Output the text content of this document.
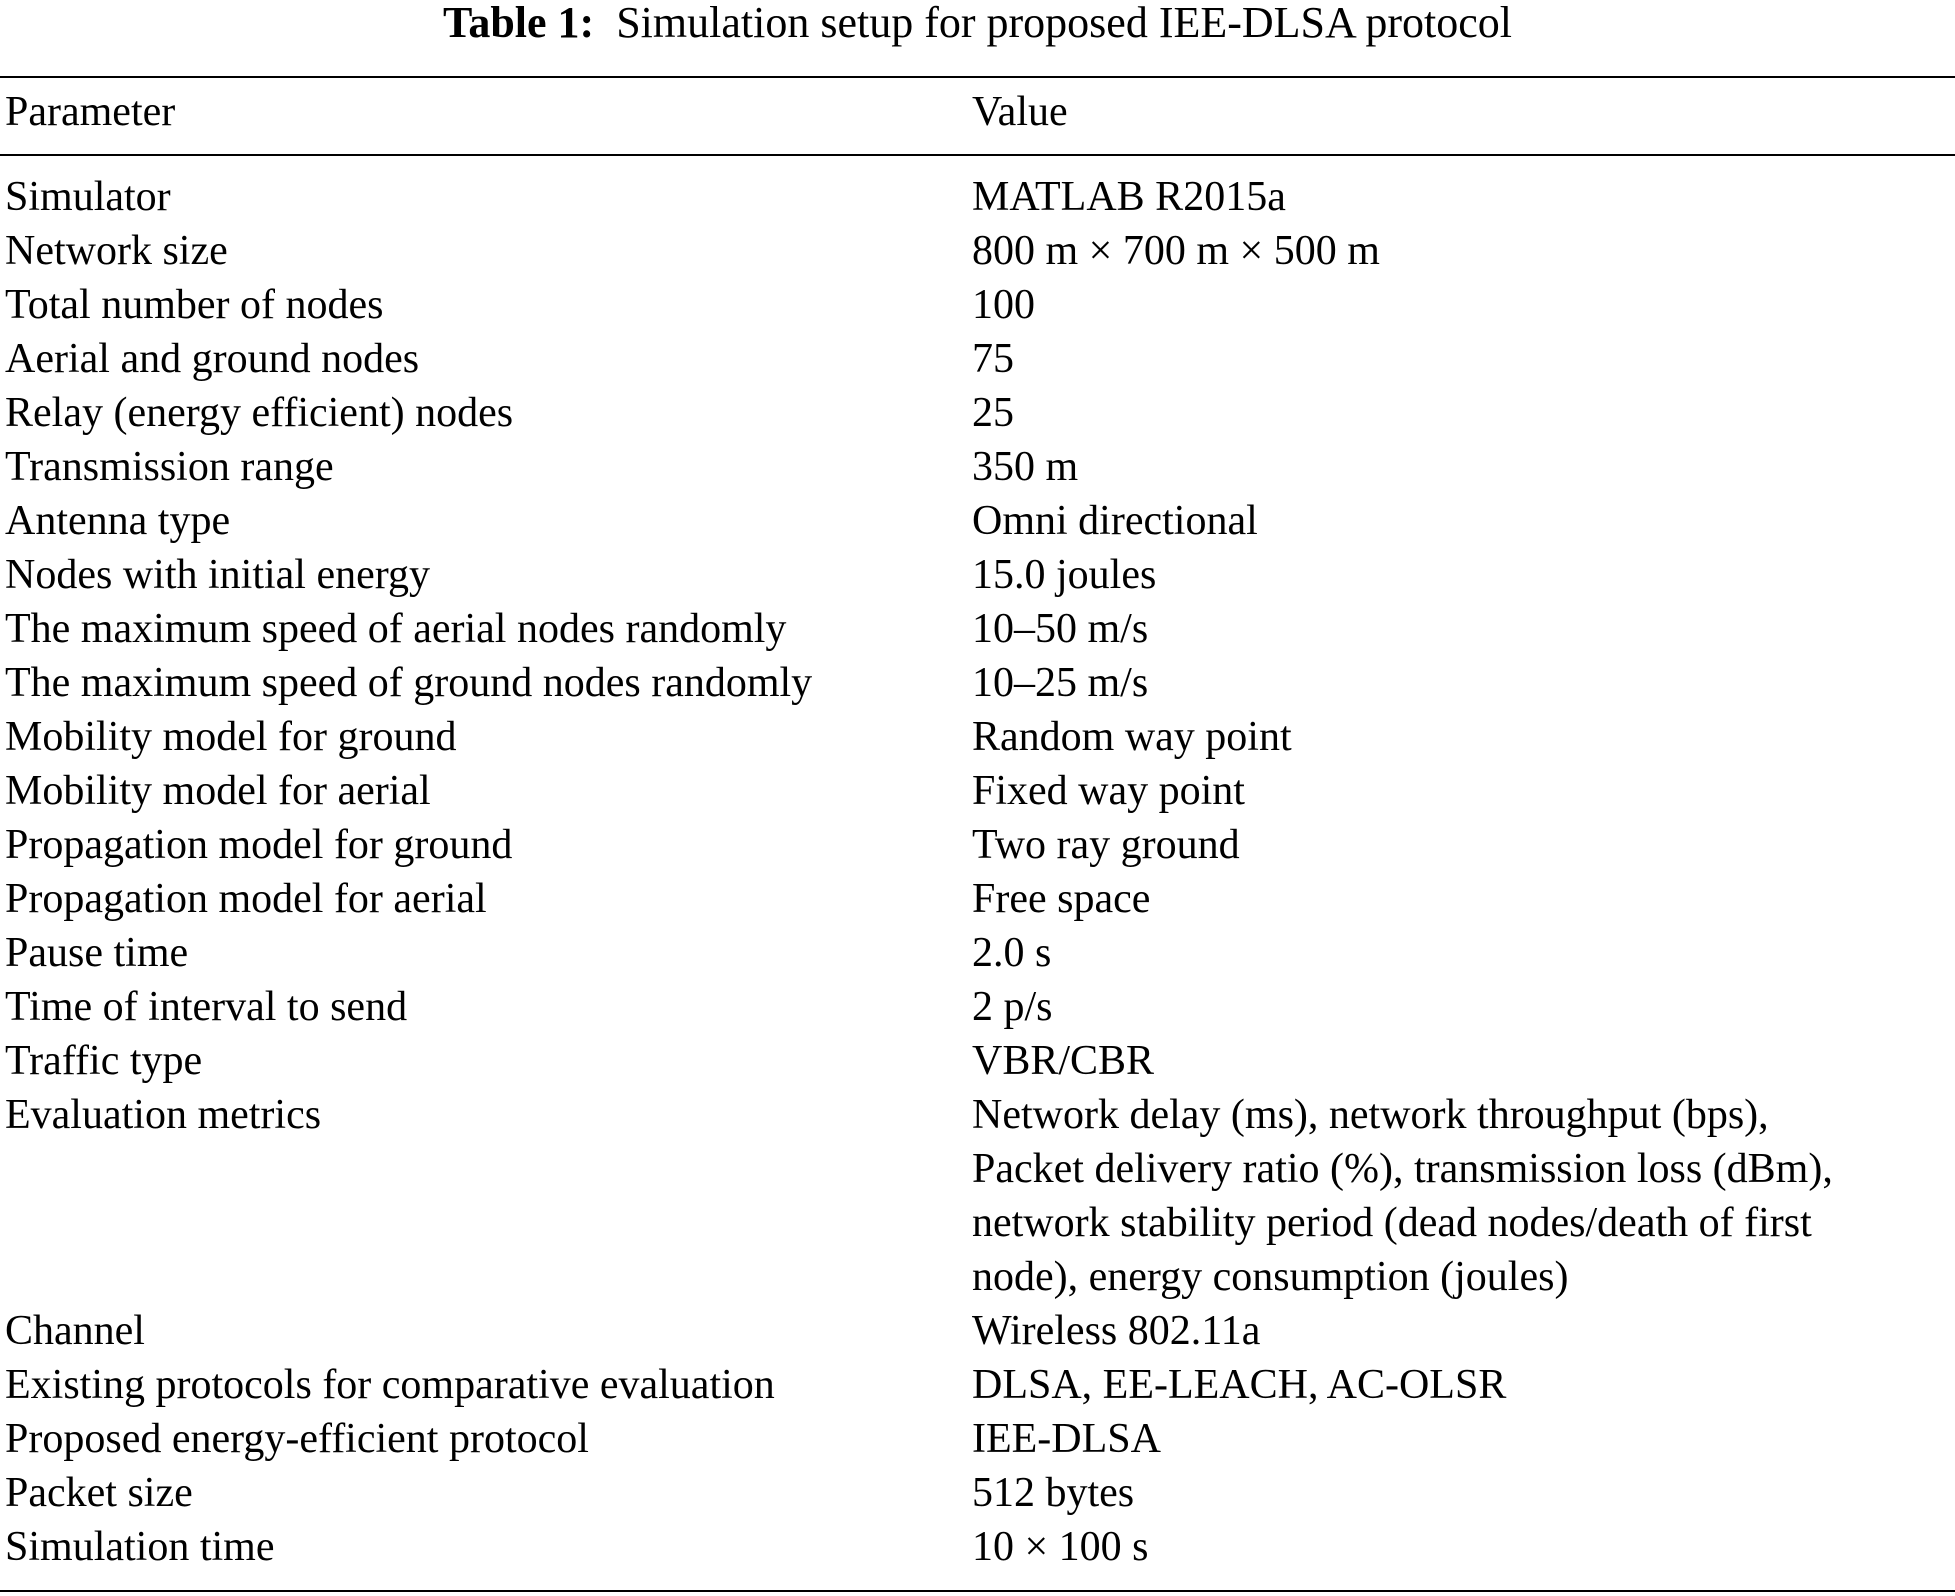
Table 1: Simulation setup for proposed IEE-DLSA protocol
Parameter	Value
Simulator	MATLAB R2015a
Network size	800 m × 700 m × 500 m
Total number of nodes	100
Aerial and ground nodes	75
Relay (energy efficient) nodes	25
Transmission range	350 m
Antenna type	Omni directional
Nodes with initial energy	15.0 joules
The maximum speed of aerial nodes randomly	10–50 m/s
The maximum speed of ground nodes randomly	10–25 m/s
Mobility model for ground	Random way point
Mobility model for aerial	Fixed way point
Propagation model for ground	Two ray ground
Propagation model for aerial	Free space
Pause time	2.0 s
Time of interval to send	2 p/s
Traffic type	VBR/CBR
Evaluation metrics	Network delay (ms), network throughput (bps),
Packet delivery ratio (%), transmission loss (dBm),
network stability period (dead nodes/death of first
node), energy consumption (joules)
Channel	Wireless 802.11a
Existing protocols for comparative evaluation	DLSA, EE-LEACH, AC-OLSR
Proposed energy-efficient protocol	IEE-DLSA
Packet size	512 bytes
Simulation time	10 × 100 s
